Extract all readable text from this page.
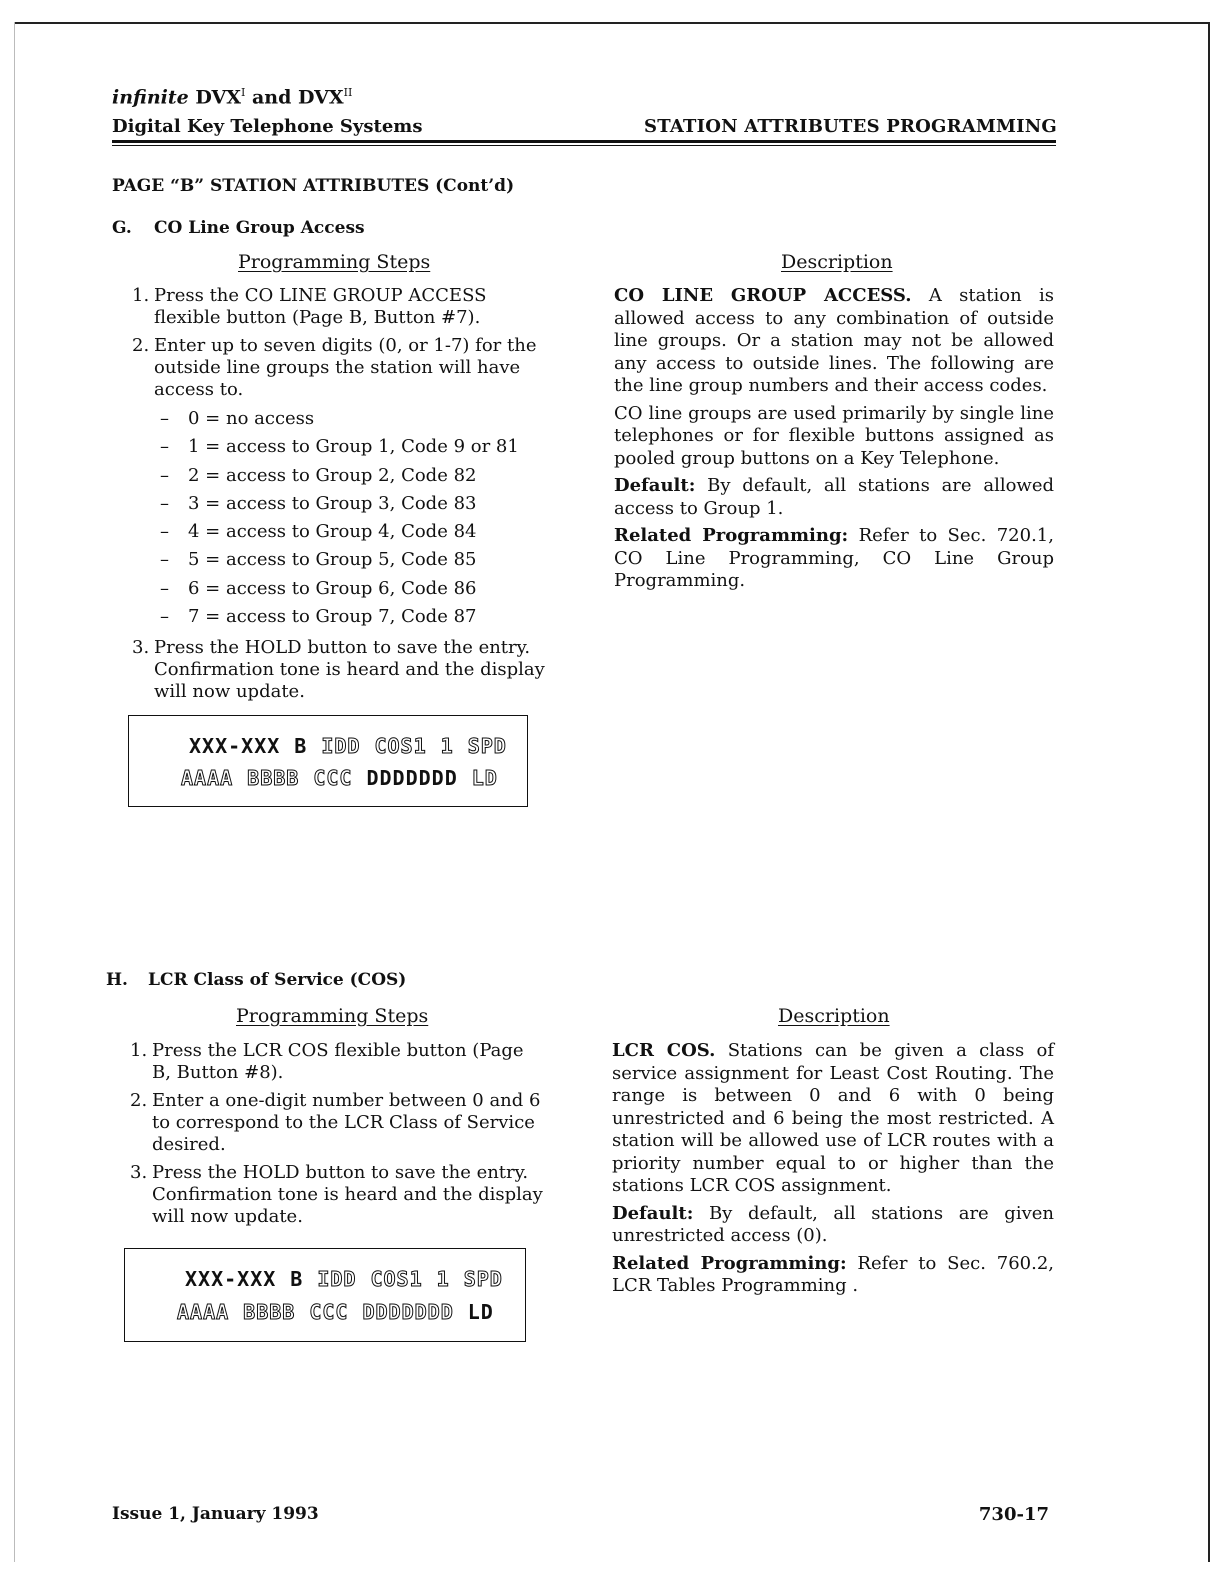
infinite $DVX^I$ and $DVX^{II}$
Digital Key Telephone Systems	STATION ATTRIBUTES PROGRAMMING
PAGE “B” STATION ATTRIBUTES (Cont’d)
G. CO Line Group Access
Programming Steps	Description
1. Press the CO LINE GROUP ACCESS flexible button (Page B, Button #7).
2. Enter up to seven digits (0, or 1-7) for the outside line groups the station will have access to.
– 0 = no access
– 1 = access to Group 1, Code 9 or 81
– 2 = access to Group 2, Code 82
– 3 = access to Group 3, Code 83
– 4 = access to Group 4, Code 84
– 5 = access to Group 5, Code 85
– 6 = access to Group 6, Code 86
– 7 = access to Group 7, Code 87
3. Press the HOLD button to save the entry. Confirmation tone is heard and the display will now update.

CO LINE GROUP ACCESS. A station is allowed access to any combination of outside line groups. Or a station may not be allowed any access to outside lines. The following are the line group numbers and their access codes.

CO line groups are used primarily by single line telephones or for flexible buttons assigned as pooled group buttons on a Key Telephone.

Default: By default, all stations are allowed access to Group 1.

Related Programming: Refer to Sec. 720.1, CO Line Programming, CO Line Group Programming.

XXX-XXX B IDD COS1 1 SPD
AAAA BBBB CCC DDDDDDD LD
H. LCR Class of Service (COS)
Programming Steps	Description
1. Press the LCR COS flexible button (Page B, Button #8).
2. Enter a one-digit number between 0 and 6 to correspond to the LCR Class of Service desired.
3. Press the HOLD button to save the entry. Confirmation tone is heard and the display will now update.

LCR COS. Stations can be given a class of service assignment for Least Cost Routing. The range is between 0 and 6 with 0 being unrestricted and 6 being the most restricted. A station will be allowed use of LCR routes with a priority number equal to or higher than the stations LCR COS assignment.

Default: By default, all stations are given unrestricted access (0).

Related Programming: Refer to Sec. 760.2, LCR Tables Programming .

XXX-XXX B IDD COS1 1 SPD
AAAA BBBB CCC DDDDDDD LD
Issue 1, January 1993	730-17
